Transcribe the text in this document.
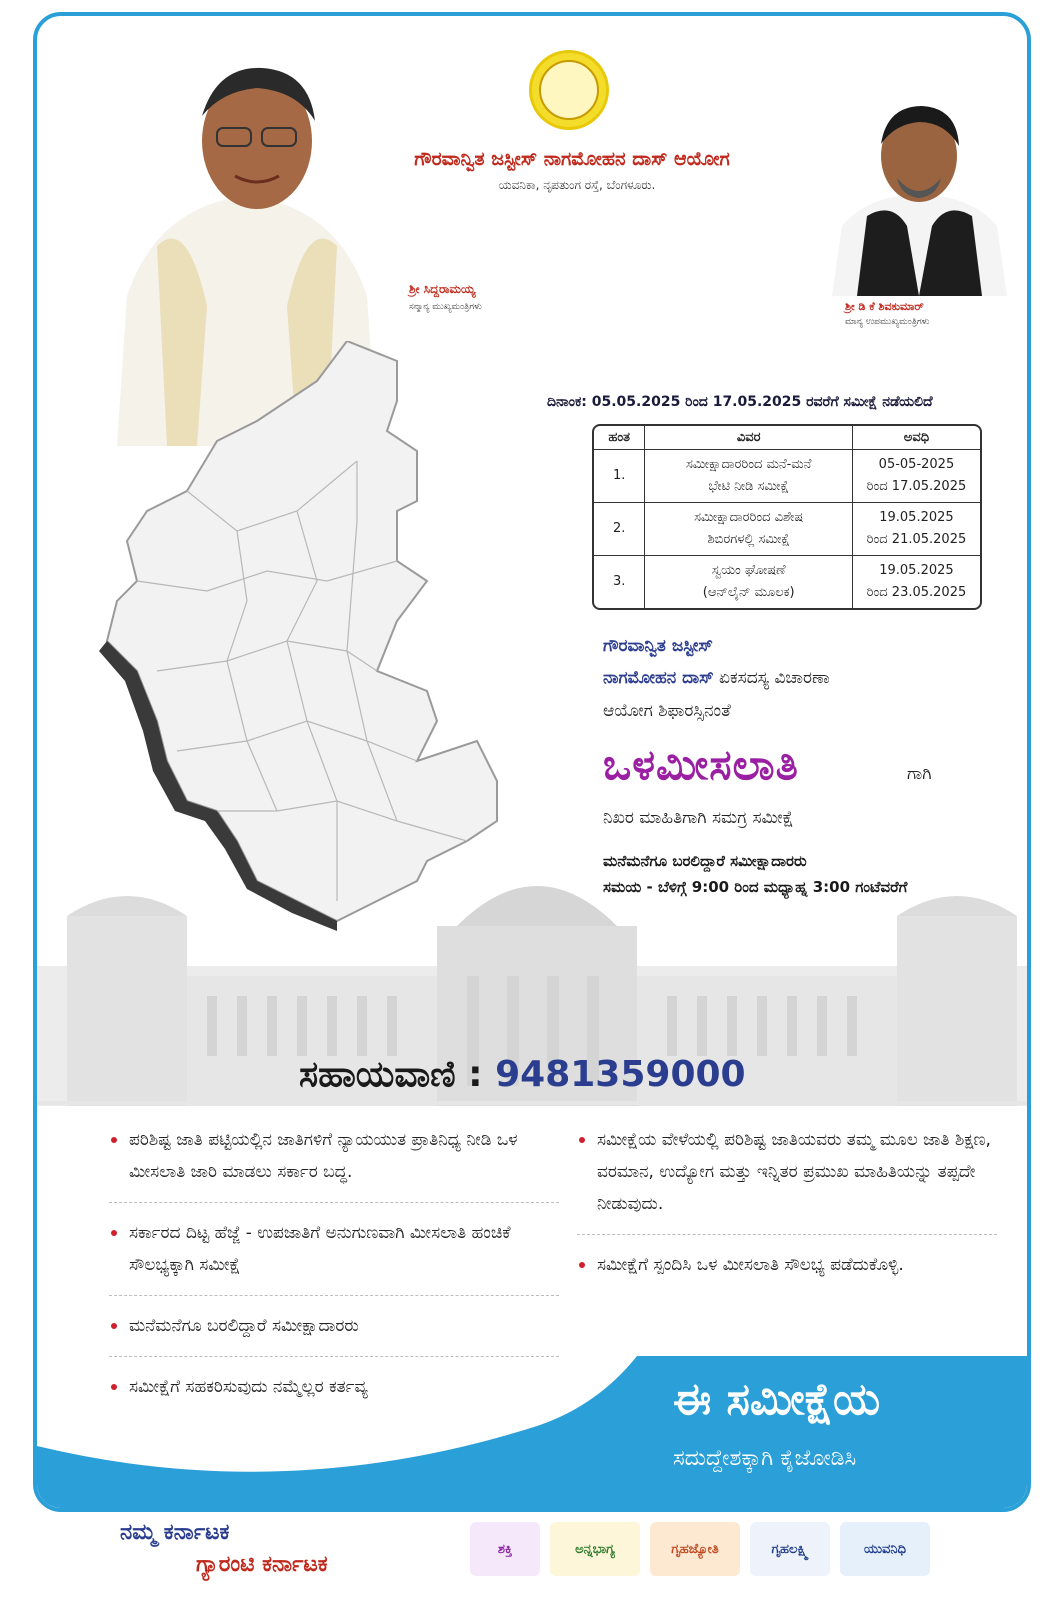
ಗೌರವಾನ್ವಿತ ಜಸ್ಟೀಸ್ ನಾಗಮೋಹನ ದಾಸ್ ಆಯೋಗ
ಯವನಿಕಾ, ನೃಪತುಂಗ ರಸ್ತೆ, ಬೆಂಗಳೂರು.
ಶ್ರೀ ಸಿದ್ದರಾಮಯ್ಯ
ಸನ್ಮಾನ್ಯ ಮುಖ್ಯಮಂತ್ರಿಗಳು	ಶ್ರೀ ಡಿ ಕೆ ಶಿವಕುಮಾರ್
ಮಾನ್ಯ ಉಪಮುಖ್ಯಮಂತ್ರಿಗಳು
ದಿನಾಂಕ: 05.05.2025 ರಿಂದ 17.05.2025 ರವರೆಗೆ ಸಮೀಕ್ಷೆ ನಡೆಯಲಿದೆ
ಹಂತ	ವಿವರ	ಅವಧಿ
1.	ಸಮೀಕ್ಷಾದಾರರಿಂದ ಮನೆ-ಮನೆ
ಭೇಟಿ ನೀಡಿ ಸಮೀಕ್ಷೆ	05-05-2025
ರಿಂದ 17.05.2025
2.	ಸಮೀಕ್ಷಾದಾರರಿಂದ ವಿಶೇಷ
ಶಿಬಿರಗಳಲ್ಲಿ ಸಮೀಕ್ಷೆ	19.05.2025
ರಿಂದ 21.05.2025
3.	ಸ್ವಯಂ ಘೋಷಣೆ
(ಆನ್‌ಲೈನ್ ಮೂಲಕ)	19.05.2025
ರಿಂದ 23.05.2025
ಗೌರವಾನ್ವಿತ ಜಸ್ಟೀಸ್
ನಾಗಮೋಹನ ದಾಸ್ ಏಕಸದಸ್ಯ ವಿಚಾರಣಾ
ಆಯೋಗ ಶಿಫಾರಸ್ಸಿನಂತೆ
ಒಳಮೀಸಲಾತಿ	ಗಾಗಿ
ನಿಖರ ಮಾಹಿತಿಗಾಗಿ ಸಮಗ್ರ ಸಮೀಕ್ಷೆ
ಮನೆಮನೆಗೂ ಬರಲಿದ್ದಾರೆ ಸಮೀಕ್ಷಾದಾರರು
ಸಮಯ - ಬೆಳಿಗ್ಗೆ 9:00 ರಿಂದ ಮಧ್ಯಾಹ್ನ 3:00 ಗಂಟೆವರೆಗೆ
ಸಹಾಯವಾಣಿ : 9481359000
ಪರಿಶಿಷ್ಟ ಜಾತಿ ಪಟ್ಟಿಯಲ್ಲಿನ ಜಾತಿಗಳಿಗೆ ನ್ಯಾಯಯುತ ಪ್ರಾತಿನಿಧ್ಯ ನೀಡಿ ಒಳ ಮೀಸಲಾತಿ ಜಾರಿ ಮಾಡಲು ಸರ್ಕಾರ ಬದ್ಧ.
ಸರ್ಕಾರದ ದಿಟ್ಟ ಹೆಜ್ಜೆ - ಉಪಜಾತಿಗೆ ಅನುಗುಣವಾಗಿ ಮೀಸಲಾತಿ ಹಂಚಿಕೆ ಸೌಲಭ್ಯಕ್ಕಾಗಿ ಸಮೀಕ್ಷೆ
ಮನೆಮನೆಗೂ ಬರಲಿದ್ದಾರೆ ಸಮೀಕ್ಷಾದಾರರು
ಸಮೀಕ್ಷೆಗೆ ಸಹಕರಿಸುವುದು ನಮ್ಮೆಲ್ಲರ ಕರ್ತವ್ಯ
ಸಮೀಕ್ಷೆಯ ವೇಳೆಯಲ್ಲಿ ಪರಿಶಿಷ್ಟ ಜಾತಿಯವರು ತಮ್ಮ ಮೂಲ ಜಾತಿ ಶಿಕ್ಷಣ, ವರಮಾನ, ಉದ್ಯೋಗ ಮತ್ತು ಇನ್ನಿತರ ಪ್ರಮುಖ ಮಾಹಿತಿಯನ್ನು ತಪ್ಪದೇ ನೀಡುವುದು.
ಸಮೀಕ್ಷೆಗೆ ಸ್ಪಂದಿಸಿ ಒಳ ಮೀಸಲಾತಿ ಸೌಲಭ್ಯ ಪಡೆದುಕೊಳ್ಳಿ.
ಈ ಸಮೀಕ್ಷೆಯ
ಸದುದ್ದೇಶಕ್ಕಾಗಿ ಕೈಜೋಡಿಸಿ
ನಮ್ಮ ಕರ್ನಾಟಕ
ಗ್ಯಾರಂಟಿ ಕರ್ನಾಟಕ
ಶಕ್ತಿ	ಅನ್ನಭಾಗ್ಯ	ಗೃಹಜ್ಯೋತಿ	ಗೃಹಲಕ್ಷ್ಮಿ	ಯುವನಿಧಿ
